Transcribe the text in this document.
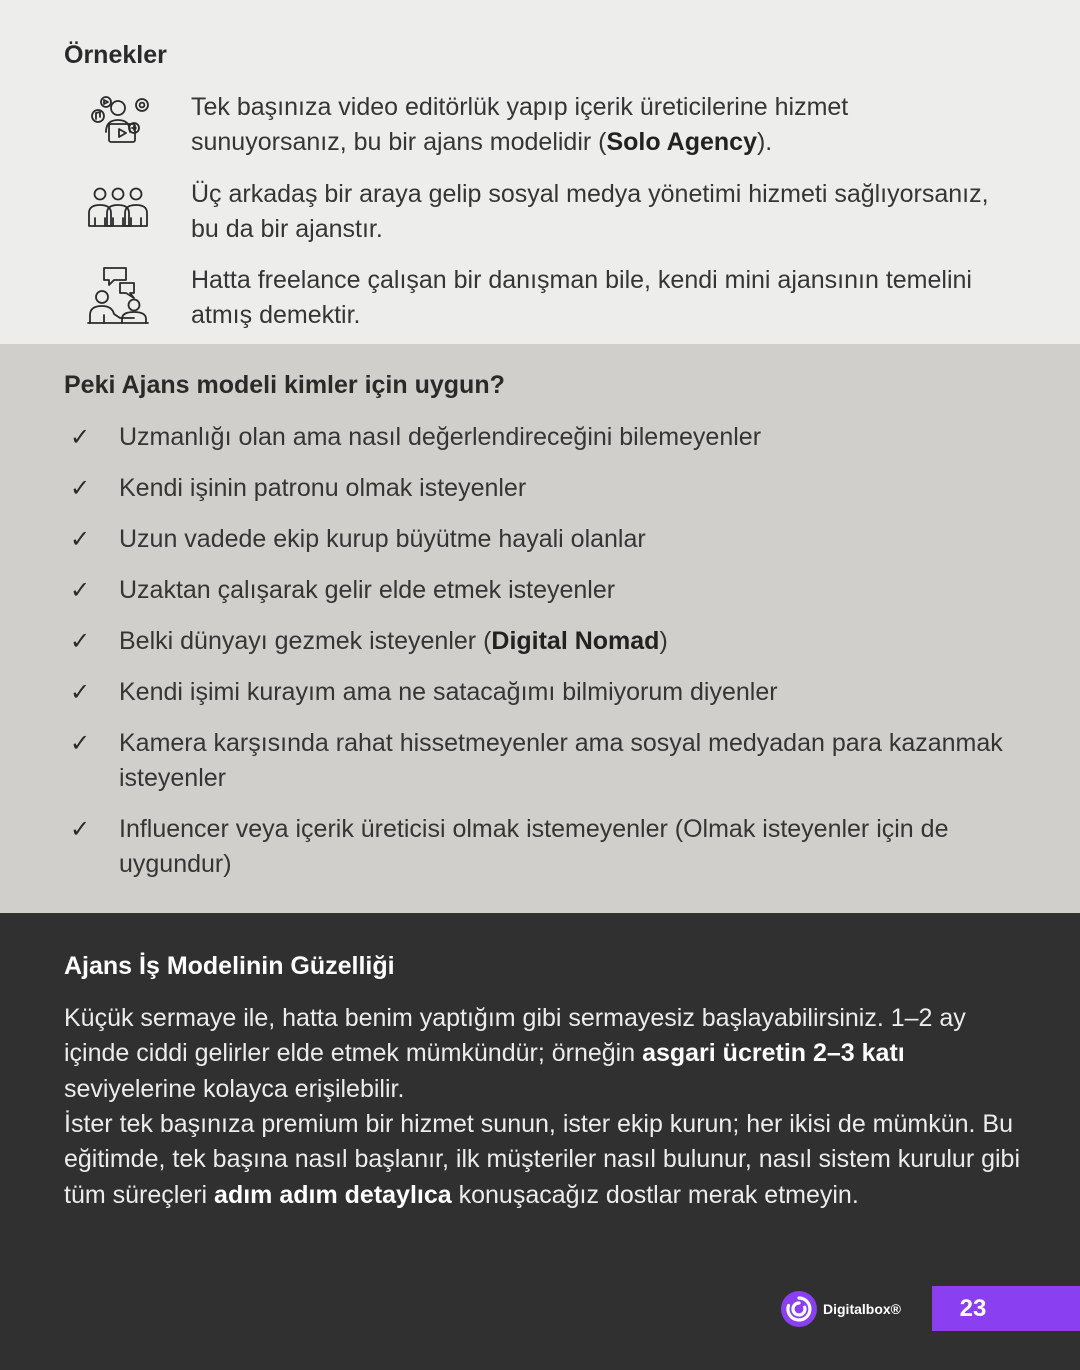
Örnekler
Tek başınıza video editörlük yapıp içerik üreticilerine hizmet sunuyorsanız, bu bir ajans modelidir (Solo Agency).
Üç arkadaş bir araya gelip sosyal medya yönetimi hizmeti sağlıyorsanız, bu da bir ajanstır.
Hatta freelance çalışan bir danışman bile, kendi mini ajansının temelini atmış demektir.
Peki Ajans modeli kimler için uygun?
✓ Uzmanlığı olan ama nasıl değerlendireceğini bilemeyenler
✓ Kendi işinin patronu olmak isteyenler
✓ Uzun vadede ekip kurup büyütme hayali olanlar
✓ Uzaktan çalışarak gelir elde etmek isteyenler
✓ Belki dünyayı gezmek isteyenler (Digital Nomad)
✓ Kendi işimi kurayım ama ne satacağımı bilmiyorum diyenler
✓ Kamera karşısında rahat hissetmeyenler ama sosyal medyadan para kazanmak isteyenler
✓ Influencer veya içerik üreticisi olmak istemeyenler (Olmak isteyenler için de uygundur)
Ajans İş Modelinin Güzelliği
Küçük sermaye ile, hatta benim yaptığım gibi sermayesiz başlayabilirsiniz. 1–2 ay içinde ciddi gelirler elde etmek mümkündür; örneğin asgari ücretin 2–3 katı seviyelerine kolayca erişilebilir.
İster tek başınıza premium bir hizmet sunun, ister ekip kurun; her ikisi de mümkün. Bu eğitimde, tek başına nasıl başlanır, ilk müşteriler nasıl bulunur, nasıl sistem kurulur gibi tüm süreçleri adım adım detaylıca konuşacağız dostlar merak etmeyin.
Digitalbox®	23
